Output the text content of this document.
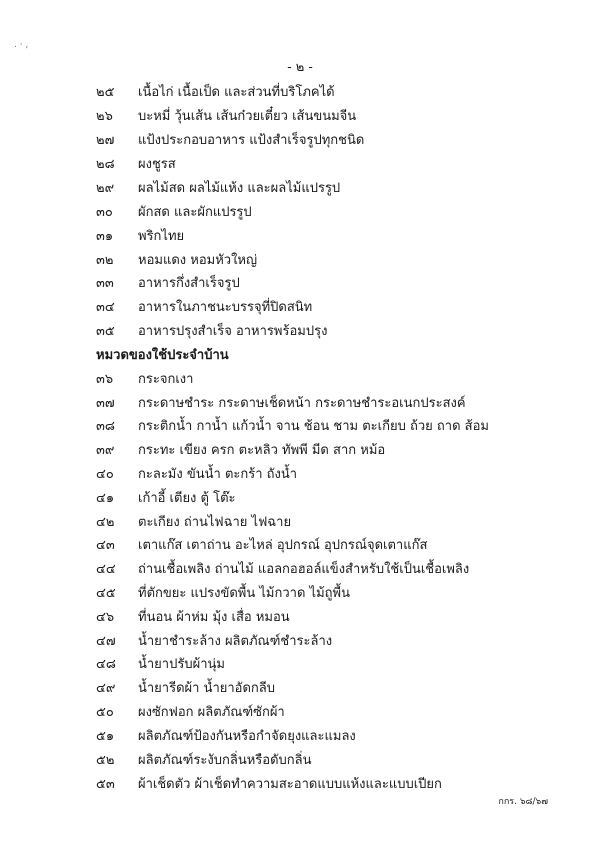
. · ,
- ๒ -
๒๕ เนื้อไก่ เนื้อเป็ด และส่วนที่บริโภคได้
๒๖ บะหมี่ วุ้นเส้น เส้นก๋วยเตี๋ยว เส้นขนมจีน
๒๗ แป้งประกอบอาหาร แป้งสำเร็จรูปทุกชนิด
๒๘ ผงชูรส
๒๙ ผลไม้สด ผลไม้แห้ง และผลไม้แปรรูป
๓๐ ผักสด และผักแปรรูป
๓๑ พริกไทย
๓๒ หอมแดง หอมหัวใหญ่
๓๓ อาหารกึ่งสำเร็จรูป
๓๔ อาหารในภาชนะบรรจุที่ปิดสนิท
๓๕ อาหารปรุงสำเร็จ อาหารพร้อมปรุง
หมวดของใช้ประจำบ้าน
๓๖ กระจกเงา
๓๗ กระดาษชำระ กระดาษเช็ดหน้า กระดาษชำระอเนกประสงค์
๓๘ กระติกน้ำ กาน้ำ แก้วน้ำ จาน ช้อน ชาม ตะเกียบ ถ้วย ถาด ส้อม
๓๙ กระทะ เขียง ครก ตะหลิว ทัพพี มีด สาก หม้อ
๔๐ กะละมัง ขันน้ำ ตะกร้า ถังน้ำ
๔๑ เก้าอี้ เตียง ตู้ โต๊ะ
๔๒ ตะเกียง ถ่านไฟฉาย ไฟฉาย
๔๓ เตาแก๊ส เตาถ่าน อะไหล่ อุปกรณ์ อุปกรณ์จุดเตาแก๊ส
๔๔ ถ่านเชื้อเพลิง ถ่านไม้ แอลกอฮอล์แข็งสำหรับใช้เป็นเชื้อเพลิง
๔๕ ที่ตักขยะ แปรงขัดพื้น ไม้กวาด ไม้ถูพื้น
๔๖ ที่นอน ผ้าห่ม มุ้ง เสื่อ หมอน
๔๗ น้ำยาชำระล้าง ผลิตภัณฑ์ชำระล้าง
๔๘ น้ำยาปรับผ้านุ่ม
๔๙ น้ำยารีดผ้า น้ำยาอัดกลีบ
๕๐ ผงซักฟอก ผลิตภัณฑ์ซักผ้า
๕๑ ผลิตภัณฑ์ป้องกันหรือกำจัดยุงและแมลง
๕๒ ผลิตภัณฑ์ระงับกลิ่นหรือดับกลิ่น
๕๓ ผ้าเช็ดตัว ผ้าเช็ดทำความสะอาดแบบแห้งและแบบเปียก
กกร. ๖๘/๖๗
